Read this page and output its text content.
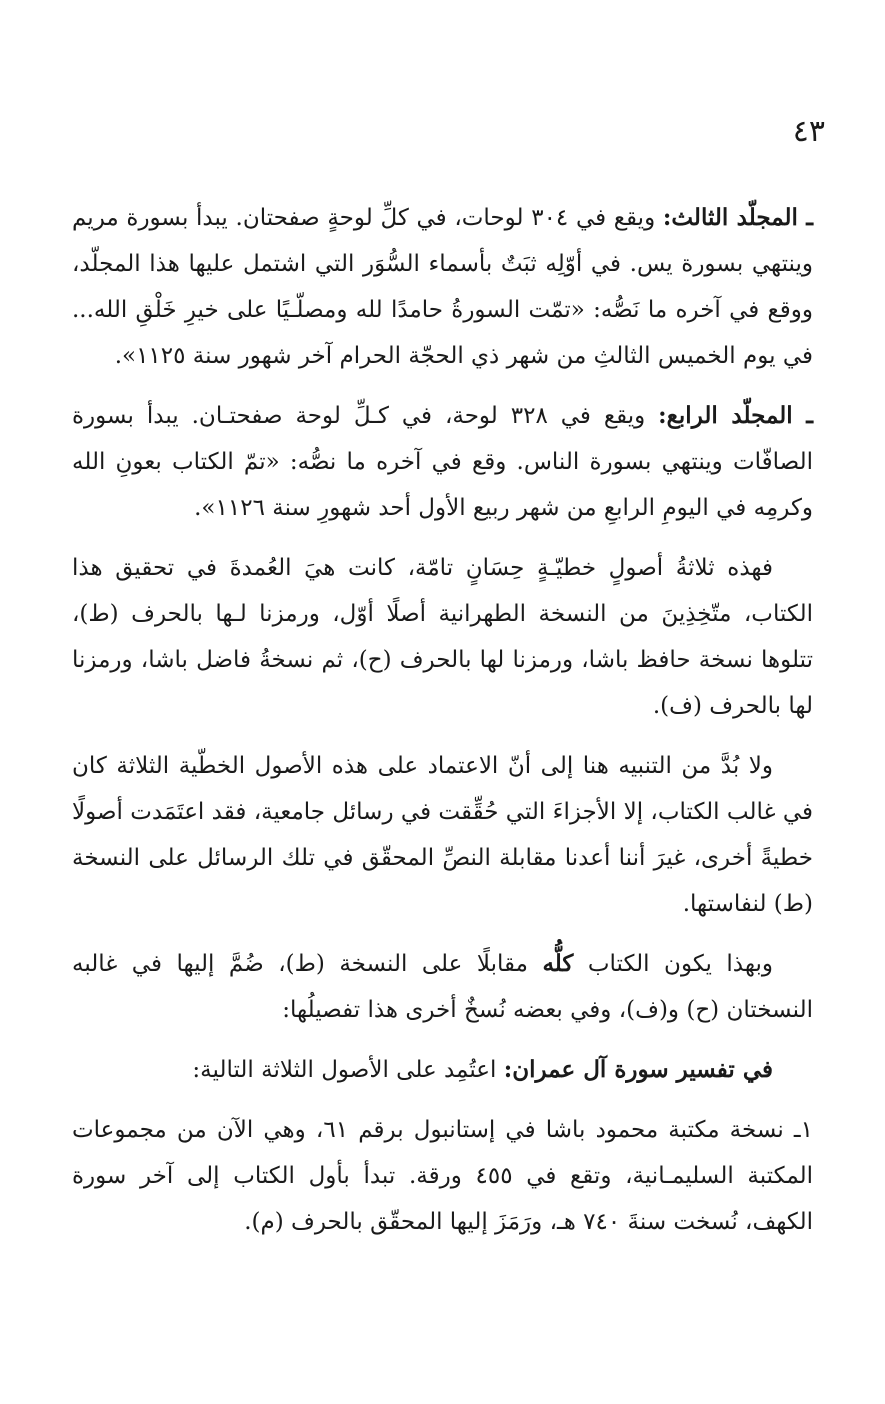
٤٣

ـ المجلّد الثالث: ويقع في ٣٠٤ لوحات، في كلِّ لوحةٍ صفحتان. يبدأ بسورة مريم وينتهي بسورة يس. في أوّلِه ثبَتٌ بأسماء السُّوَر التي اشتمل عليها هذا المجلّد، ووقع في آخره ما نَصُّه: «تمّت السورةُ حامدًا لله ومصلّـيًا على خيرِ خَلْقِ الله... في يوم الخميس الثالثِ من شهر ذي الحجّة الحرام آخر شهور سنة ١١٢٥».

ـ المجلّد الرابع: ويقع في ٣٢٨ لوحة، في كـلِّ لوحة صفحتـان. يبدأ بسورة الصافّات وينتهي بسورة الناس. وقع في آخره ما نصُّه: «تمّ الكتاب بعونِ الله وكرمِه في اليومِ الرابعِ من شهر ربيع الأول أحد شهورِ سنة ١١٢٦».

فهذه ثلاثةُ أصولٍ خطيّـةٍ حِسَانٍ تامّة، كانت هيَ العُمدةَ في تحقيق هذا الكتاب، متّخِذِينَ من النسخة الطهرانية أصلًا أوّل، ورمزنا لـها بالحرف (ط)، تتلوها نسخة حافظ باشا، ورمزنا لها بالحرف (ح)، ثم نسخةُ فاضل باشا، ورمزنا لها بالحرف (ف).

ولا بُدَّ من التنبيه هنا إلى أنّ الاعتماد على هذه الأصول الخطّية الثلاثة كان في غالب الكتاب، إلا الأجزاءَ التي حُقِّقت في رسائل جامعية، فقد اعتَمَدت أصولًا خطيةً أخرى، غيرَ أننا أعدنا مقابلة النصِّ المحقّق في تلك الرسائل على النسخة (ط) لنفاستها.

وبهذا يكون الكتاب كلُّه مقابلًا على النسخة (ط)، ضُمَّ إليها في غالبه النسختان (ح) و(ف)، وفي بعضه نُسخٌ أخرى هذا تفصيلُها:

في تفسير سورة آل عمران: اعتُمِد على الأصول الثلاثة التالية:

١ـ نسخة مكتبة محمود باشا في إستانبول برقم ٦١، وهي الآن من مجموعات المكتبة السليمـانية، وتقع في ٤٥٥ ورقة. تبدأ بأول الكتاب إلى آخر سورة الكهف، نُسخت سنةَ ٧٤٠ هـ، ورَمَزَ إليها المحقّق بالحرف (م).
